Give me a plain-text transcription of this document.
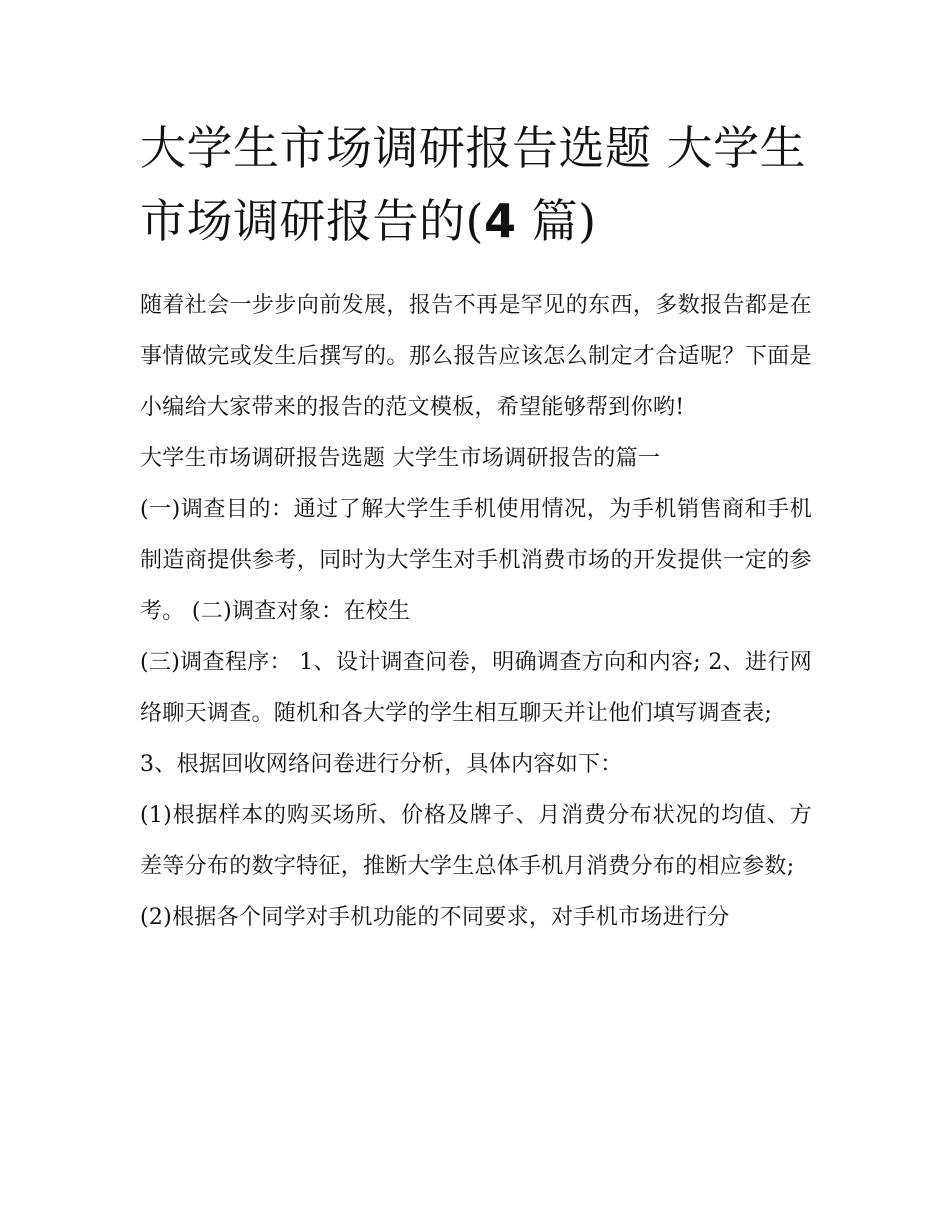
大学生市场调研报告选题 大学生市场调研报告的(4 篇)

随着社会一步步向前发展，报告不再是罕见的东西，多数报告都是在事情做完或发生后撰写的。那么报告应该怎么制定才合适呢？下面是小编给大家带来的报告的范文模板，希望能够帮到你哟!

大学生市场调研报告选题 大学生市场调研报告的篇一

(一)调查目的：通过了解大学生手机使用情况，为手机销售商和手机制造商提供参考，同时为大学生对手机消费市场的开发提供一定的参考。 (二)调查对象：在校生

(三)调查程序： 1、设计调查问卷，明确调查方向和内容; 2、进行网络聊天调查。随机和各大学的学生相互聊天并让他们填写调查表;

3、根据回收网络问卷进行分析，具体内容如下：

(1)根据样本的购买场所、价格及牌子、月消费分布状况的均值、方差等分布的数字特征，推断大学生总体手机月消费分布的相应参数;

(2)根据各个同学对手机功能的不同要求，对手机市场进行分
